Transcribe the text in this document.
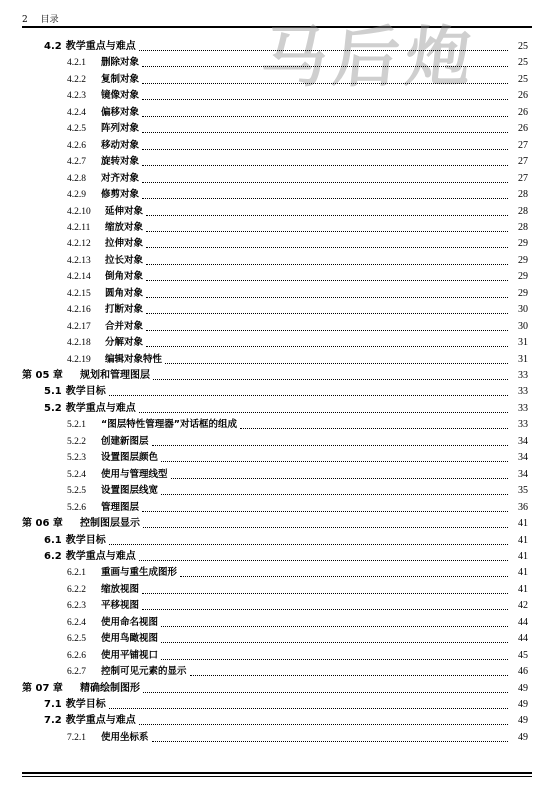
2 目录	马后炮
4.2 教学重点与难点	25
4.2.1	删除对象	25
4.2.2	复制对象	25
4.2.3	镜像对象	26
4.2.4	偏移对象	26
4.2.5	阵列对象	26
4.2.6	移动对象	27
4.2.7	旋转对象	27
4.2.8	对齐对象	27
4.2.9	修剪对象	28
4.2.10	延伸对象	28
4.2.11	缩放对象	28
4.2.12	拉伸对象	29
4.2.13	拉长对象	29
4.2.14	倒角对象	29
4.2.15	圆角对象	29
4.2.16	打断对象	30
4.2.17	合并对象	30
4.2.18	分解对象	31
4.2.19	编辑对象特性	31
第 05 章	规划和管理图层	33
5.1 教学目标	33
5.2 教学重点与难点	33
5.2.1	“图层特性管理器”对话框的组成	33
5.2.2	创建新图层	34
5.2.3	设置图层颜色	34
5.2.4	使用与管理线型	34
5.2.5	设置图层线宽	35
5.2.6	管理图层	36
第 06 章	控制图层显示	41
6.1 教学目标	41
6.2 教学重点与难点	41
6.2.1	重画与重生成图形	41
6.2.2	缩放视图	41
6.2.3	平移视图	42
6.2.4	使用命名视图	44
6.2.5	使用鸟瞰视图	44
6.2.6	使用平铺视口	45
6.2.7	控制可见元素的显示	46
第 07 章	精确绘制图形	49
7.1 教学目标	49
7.2 教学重点与难点	49
7.2.1	使用坐标系	49
